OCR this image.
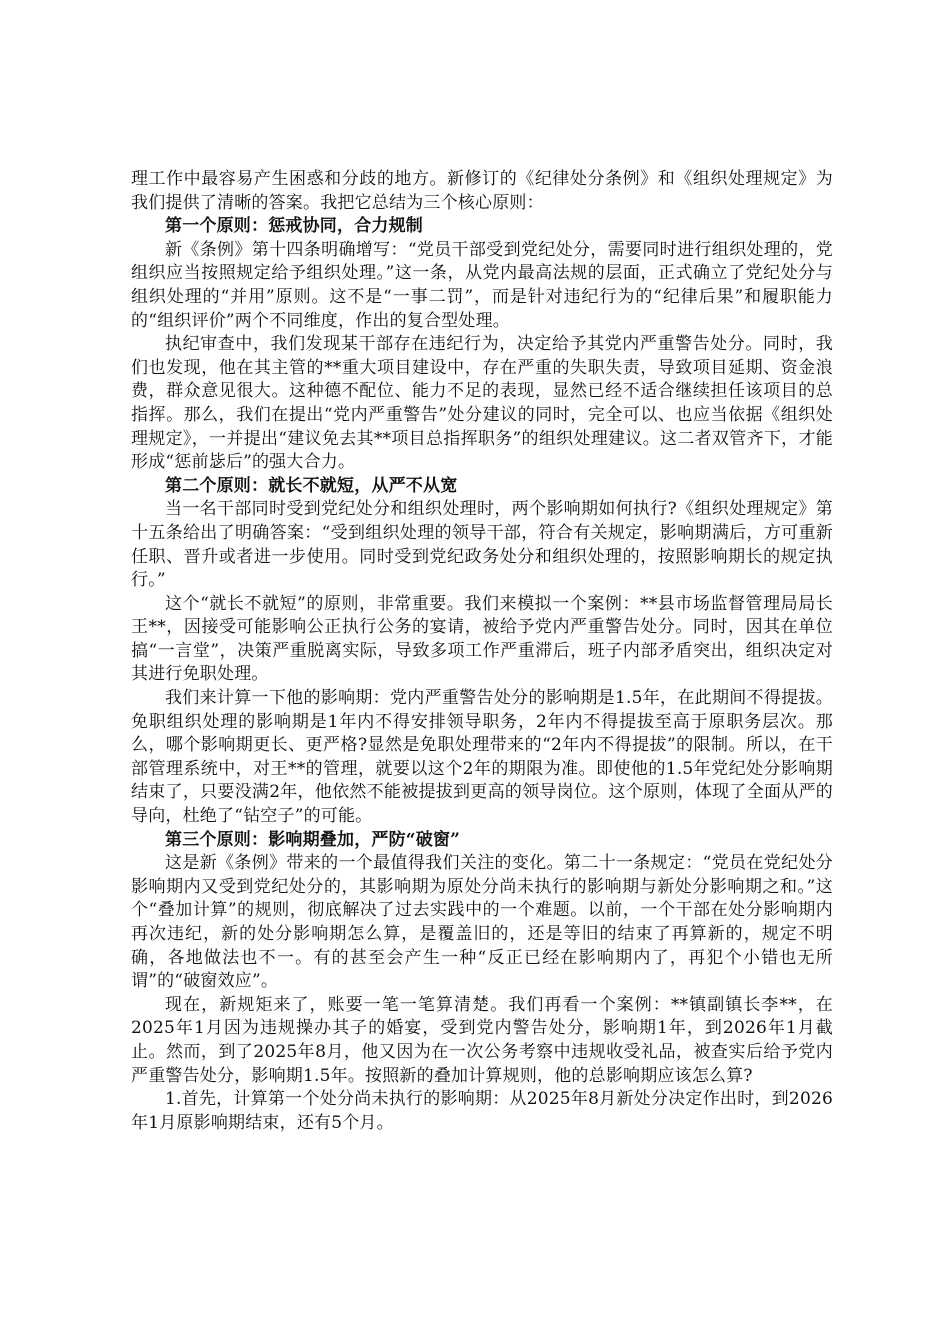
理工作中最容易产生困惑和分歧的地方。新修订的《纪律处分条例》和《组织处理规定》为我们提供了清晰的答案。我把它总结为三个核心原则：

第一个原则：惩戒协同，合力规制

新《条例》第十四条明确增写：“党员干部受到党纪处分，需要同时进行组织处理的，党组织应当按照规定给予组织处理。”这一条，从党内最高法规的层面，正式确立了党纪处分与组织处理的“并用”原则。这不是“一事二罚”，而是针对违纪行为的“纪律后果”和履职能力的“组织评价”两个不同维度，作出的复合型处理。

执纪审查中，我们发现某干部存在违纪行为，决定给予其党内严重警告处分。同时，我们也发现，他在其主管的**重大项目建设中，存在严重的失职失责，导致项目延期、资金浪费，群众意见很大。这种德不配位、能力不足的表现，显然已经不适合继续担任该项目的总指挥。那么，我们在提出“党内严重警告”处分建议的同时，完全可以、也应当依据《组织处理规定》，一并提出“建议免去其**项目总指挥职务”的组织处理建议。这二者双管齐下，才能形成“惩前毖后”的强大合力。

第二个原则：就长不就短，从严不从宽

当一名干部同时受到党纪处分和组织处理时，两个影响期如何执行?《组织处理规定》第十五条给出了明确答案：“受到组织处理的领导干部，符合有关规定，影响期满后，方可重新任职、晋升或者进一步使用。同时受到党纪政务处分和组织处理的，按照影响期长的规定执行。”

这个“就长不就短”的原则，非常重要。我们来模拟一个案例：**县市场监督管理局局长王**，因接受可能影响公正执行公务的宴请，被给予党内严重警告处分。同时，因其在单位搞“一言堂”，决策严重脱离实际，导致多项工作严重滞后，班子内部矛盾突出，组织决定对其进行免职处理。

我们来计算一下他的影响期：党内严重警告处分的影响期是1.5年，在此期间不得提拔。免职组织处理的影响期是1年内不得安排领导职务，2年内不得提拔至高于原职务层次。那么，哪个影响期更长、更严格?显然是免职处理带来的“2年内不得提拔”的限制。所以，在干部管理系统中，对王**的管理，就要以这个2年的期限为准。即使他的1.5年党纪处分影响期结束了，只要没满2年，他依然不能被提拔到更高的领导岗位。这个原则，体现了全面从严的导向，杜绝了“钻空子”的可能。

第三个原则：影响期叠加，严防“破窗”

这是新《条例》带来的一个最值得我们关注的变化。第二十一条规定：“党员在党纪处分影响期内又受到党纪处分的，其影响期为原处分尚未执行的影响期与新处分影响期之和。”这个“叠加计算”的规则，彻底解决了过去实践中的一个难题。以前，一个干部在处分影响期内再次违纪，新的处分影响期怎么算，是覆盖旧的，还是等旧的结束了再算新的，规定不明确，各地做法也不一。有的甚至会产生一种“反正已经在影响期内了，再犯个小错也无所谓”的“破窗效应”。

现在，新规矩来了，账要一笔一笔算清楚。我们再看一个案例：**镇副镇长李**，在2025年1月因为违规操办其子的婚宴，受到党内警告处分，影响期1年，到2026年1月截止。然而，到了2025年8月，他又因为在一次公务考察中违规收受礼品，被查实后给予党内严重警告处分，影响期1.5年。按照新的叠加计算规则，他的总影响期应该怎么算?

1.首先，计算第一个处分尚未执行的影响期：从2025年8月新处分决定作出时，到2026年1月原影响期结束，还有5个月。
